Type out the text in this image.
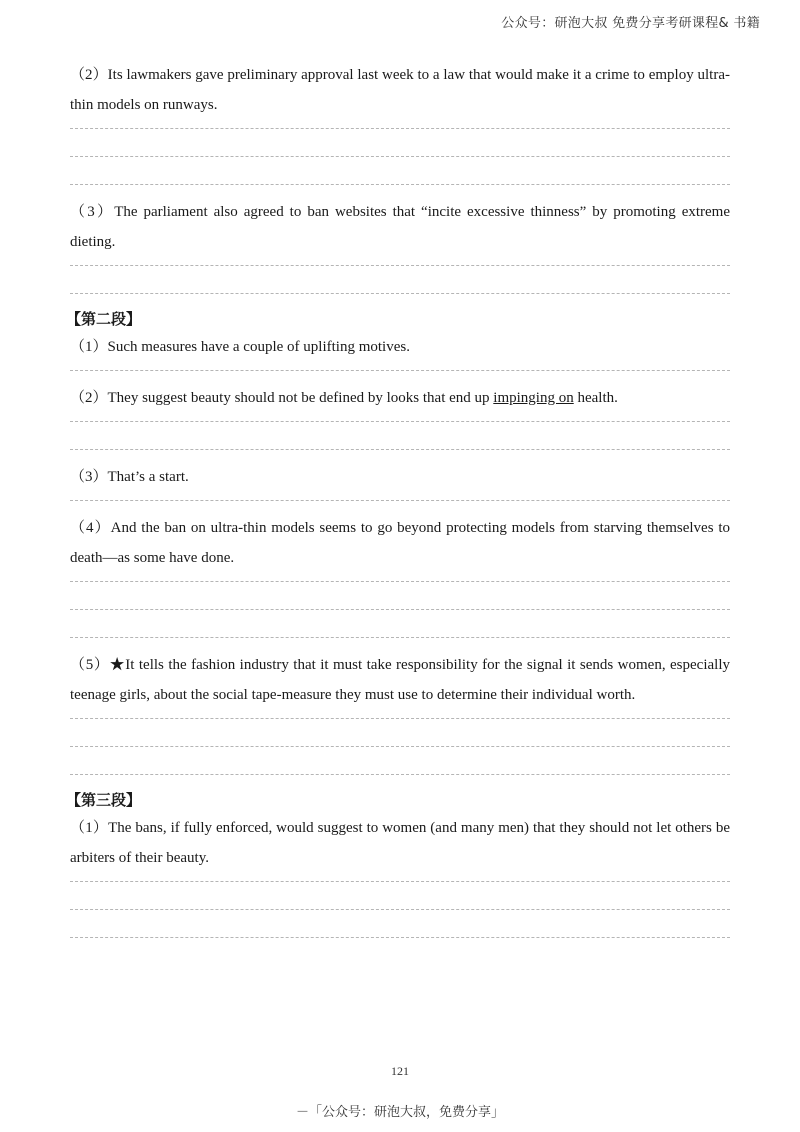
公众号：研泡大叔 免费分享考研课程& 书籍

（2）Its lawmakers gave preliminary approval last week to a law that would make it a crime to employ ultra-thin models on runways.

（3）The parliament also agreed to ban websites that “incite excessive thinness” by promoting extreme dieting.

【第二段】

（1）Such measures have a couple of uplifting motives.

（2）They suggest beauty should not be defined by looks that end up impinging on health.

（3）That’s a start.

（4）And the ban on ultra-thin models seems to go beyond protecting models from starving themselves to death—as some have done.

（5）★It tells the fashion industry that it must take responsibility for the signal it sends women, especially teenage girls, about the social tape-measure they must use to determine their individual worth.

【第三段】

（1）The bans, if fully enforced, would suggest to women (and many men) that they should not let others be arbiters of their beauty.

121
－「公众号：研泡大叔，免费分享」
